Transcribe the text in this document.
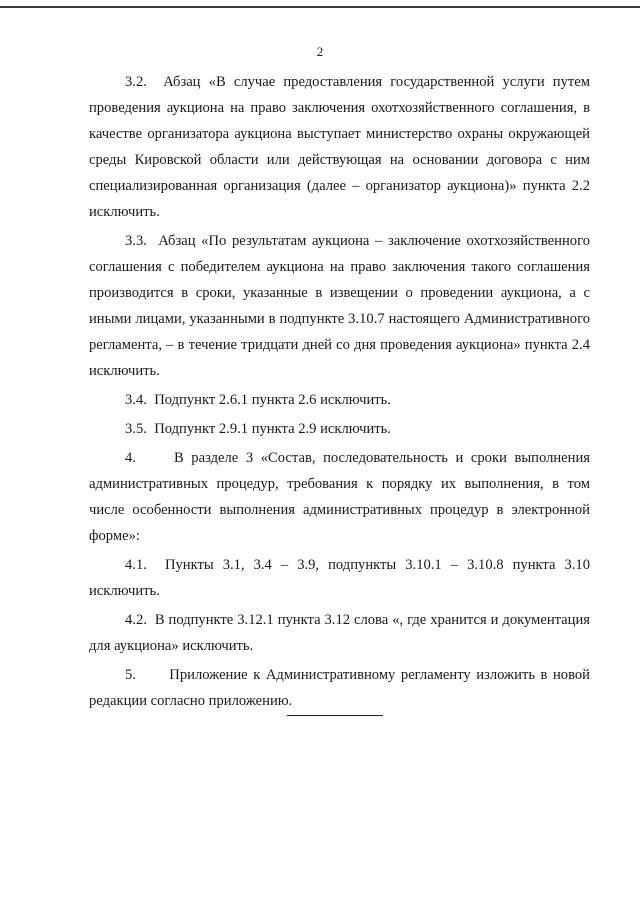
2

3.2.  Абзац «В случае предоставления государственной услуги путем проведения аукциона на право заключения охотхозяйственного соглашения, в качестве организатора аукциона выступает министерство охраны окружающей среды Кировской области или действующая на основании договора с ним специализированная организация (далее – организатор аукциона)» пункта 2.2 исключить.

3.3.  Абзац «По результатам аукциона – заключение охотхозяйственного соглашения с победителем аукциона на право заключения такого соглашения производится в сроки, указанные в извещении о проведении аукциона, а с иными лицами, указанными в подпункте 3.10.7 настоящего Административного регламента, – в течение тридцати дней со дня проведения аукциона» пункта 2.4 исключить.

3.4.  Подпункт 2.6.1 пункта 2.6 исключить.

3.5.  Подпункт 2.9.1 пункта 2.9 исключить.

4.     В разделе 3 «Состав, последовательность и сроки выполнения административных процедур, требования к порядку их выполнения, в том числе особенности выполнения административных процедур в электронной форме»:

4.1.  Пункты 3.1, 3.4 – 3.9, подпункты 3.10.1 – 3.10.8 пункта 3.10 исключить.

4.2.  В подпункте 3.12.1 пункта 3.12 слова «, где хранится и документация для аукциона» исключить.

5.      Приложение к Административному регламенту изложить в новой редакции согласно приложению.
